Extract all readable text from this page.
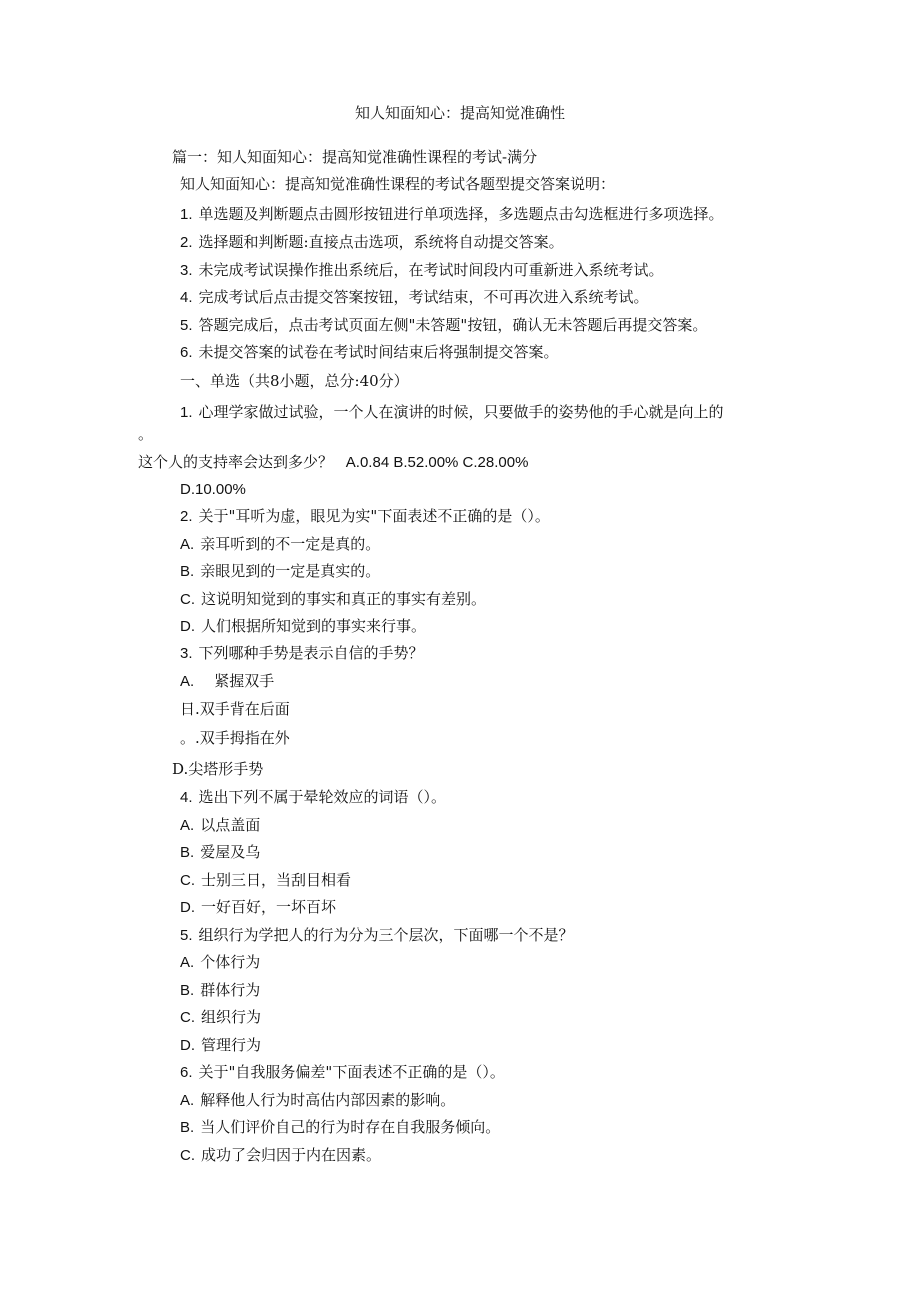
知人知面知心：提高知觉准确性
篇一：知人知面知心：提高知觉准确性课程的考试-满分
知人知面知心：提高知觉准确性课程的考试各题型提交答案说明：
1. 单选题及判断题点击圆形按钮进行单项选择，多选题点击勾选框进行多项选择。
2. 选择题和判断题:直接点击选项，系统将自动提交答案。
3. 未完成考试误操作推出系统后，在考试时间段内可重新进入系统考试。
4. 完成考试后点击提交答案按钮，考试结束，不可再次进入系统考试。
5. 答题完成后，点击考试页面左侧"未答题"按钮，确认无未答题后再提交答案。
6. 未提交答案的试卷在考试时间结束后将强制提交答案。
一、单选（共8小题，总分:40分）
1. 心理学家做过试验，一个人在演讲的时候，只要做手的姿势他的手心就是向上的
。
这个人的支持率会达到多少？ A.0.84 B.52.00% C.28.00%
D.10.00%
2. 关于"耳听为虚，眼见为实"下面表述不正确的是（）。
A. 亲耳听到的不一定是真的。
B. 亲眼见到的一定是真实的。
C. 这说明知觉到的事实和真正的事实有差别。
D. 人们根据所知觉到的事实来行事。
3. 下列哪种手势是表示自信的手势？
A. 紧握双手
日.双手背在后面
。.双手拇指在外
D.尖塔形手势
4. 选出下列不属于晕轮效应的词语（）。
A. 以点盖面
B. 爱屋及乌
C. 士别三日，当刮目相看
D. 一好百好，一坏百坏
5. 组织行为学把人的行为分为三个层次，下面哪一个不是？
A. 个体行为
B. 群体行为
C. 组织行为
D. 管理行为
6. 关于"自我服务偏差"下面表述不正确的是（）。
A. 解释他人行为时高估内部因素的影响。
B. 当人们评价自己的行为时存在自我服务倾向。
C. 成功了会归因于内在因素。
